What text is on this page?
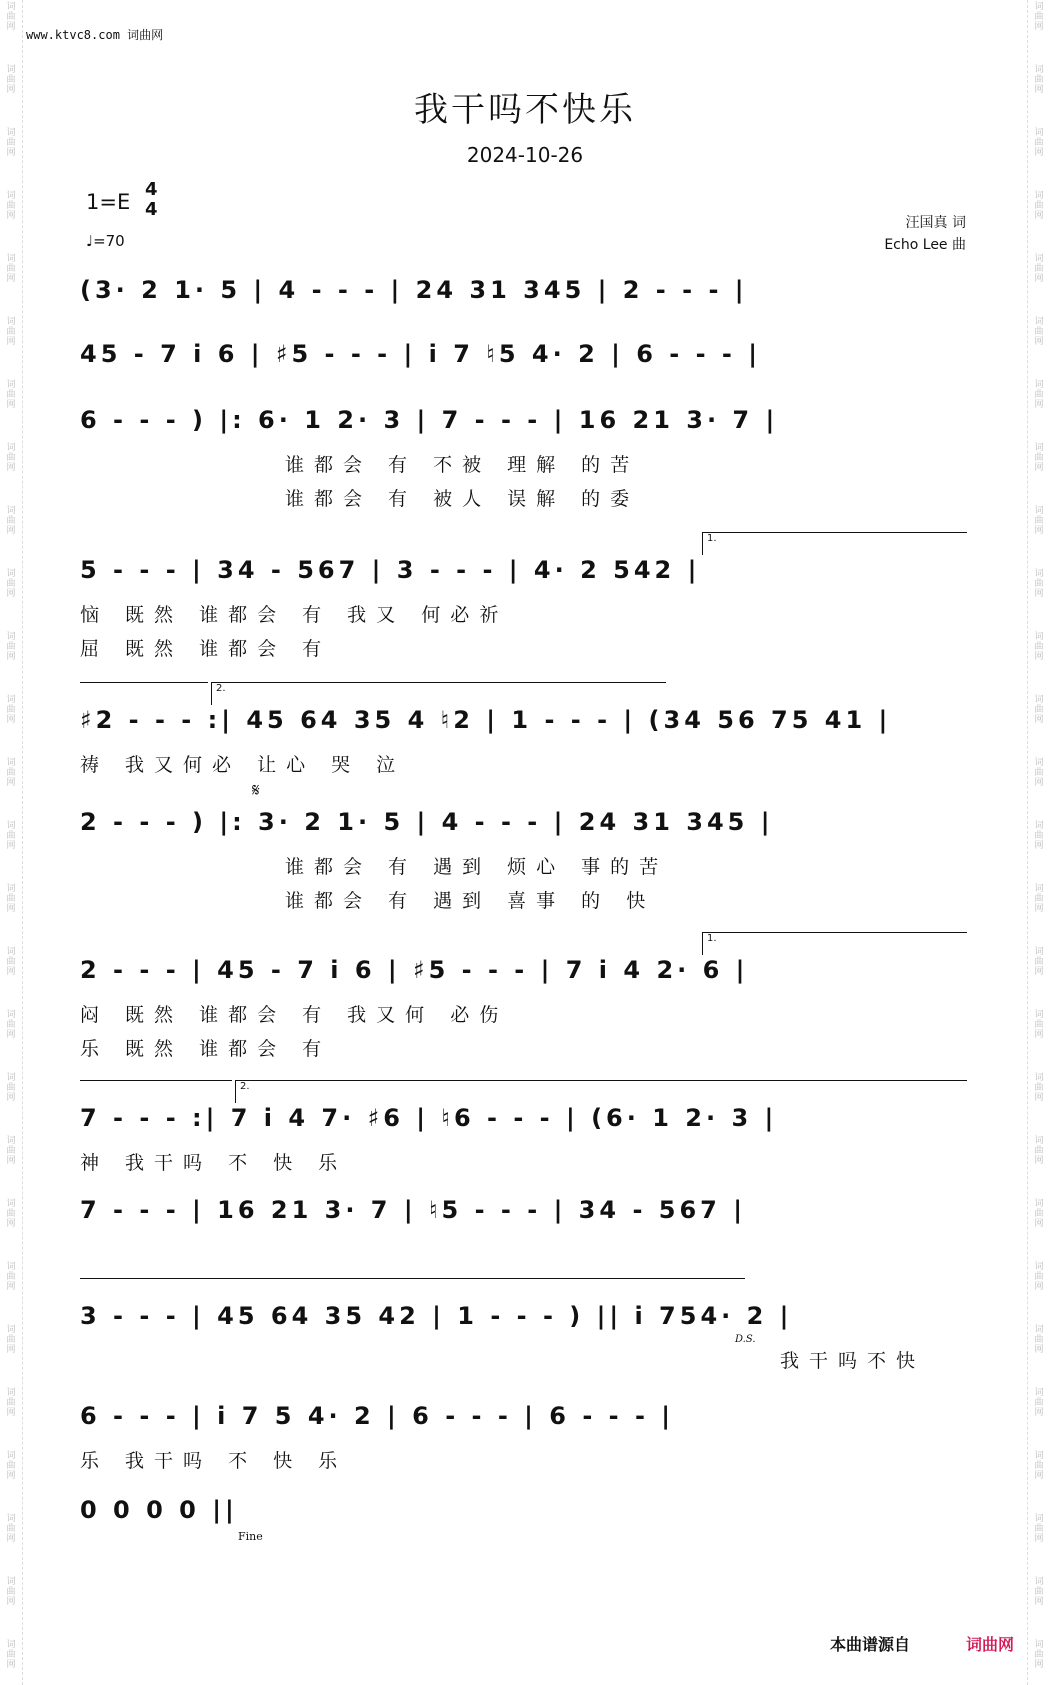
词
曲
网
词
曲
网
词
曲
网
词
曲
网
词
曲
网
词
曲
网
词
曲
网
词
曲
网
词
曲
网
词
曲
网
词
曲
网
词
曲
网
词
曲
网
词
曲
网
词
曲
网
词
曲
网
词
曲
网
词
曲
网
词
曲
网
词
曲
网
词
曲
网
词
曲
网
词
曲
网
词
曲
网
词
曲
网
词
曲
网
词
曲
网
词
曲
网
词
曲
网
词
曲
网
词
曲
网
词
曲
网
词
曲
网
词
曲
网
词
曲
网
词
曲
网
词
曲
网
词
曲
网
词
曲
网
词
曲
网
词
曲
网
词
曲
网
词
曲
网
词
曲
网
词
曲
网
词
曲
网
词
曲
网
词
曲
网
词
曲
网
词
曲
网
词
曲
网
词
曲
网
词
曲
网
词
曲
网
www.ktvc8.com 词曲网
我干吗不快乐
2024-10-26
1=E
4
4
♩=70
汪国真 词
Echo Lee 曲
(3· 2 1· 5 | 4 - - - | 24 31 345 | 2 - - - |
45 - 7 i 6 | ♯5 - - - | i 7 ♮5 4· 2 | 6 - - - |
6 - - - ) |: 6· 1 2· 3 | 7 - - - | 16 21 3· 7 |
谁都会 有 不被 理解 的苦
谁都会 有 被人 误解 的委
1.
5 - - - | 34 - 567 | 3 - - - | 4· 2 542 |
恼 既然 谁都会 有 我又 何必祈
屈 既然 谁都会 有
2.
♯2 - - - :| 45 64 35 4 ♮2 | 1 - - - | (34 56 75 41 |
祷 我又何必 让心 哭 泣
𝄋
2 - - - ) |: 3· 2 1· 5 | 4 - - - | 24 31 345 |
谁都会 有 遇到 烦心 事的苦
谁都会 有 遇到 喜事 的 快
1.
2 - - - | 45 - 7 i 6 | ♯5 - - - | 7 i 4 2· 6 |
闷 既然 谁都会 有 我又何 必伤
乐 既然 谁都会 有
2.
7 - - - :| 7 i 4 7· ♯6 | ♮6 - - - | (6· 1 2· 3 |
神 我干吗 不 快 乐
7 - - - | 16 21 3· 7 | ♮5 - - - | 34 - 567 |
D.S.
3 - - - | 45 64 35 42 | 1 - - - ) || i 754· 2 |
我干吗不快
6 - - - | i 7 5 4· 2 | 6 - - - | 6 - - - |
乐 我干吗 不 快 乐
0 0 0 0 ||
Fine
本曲谱源自	词曲网
